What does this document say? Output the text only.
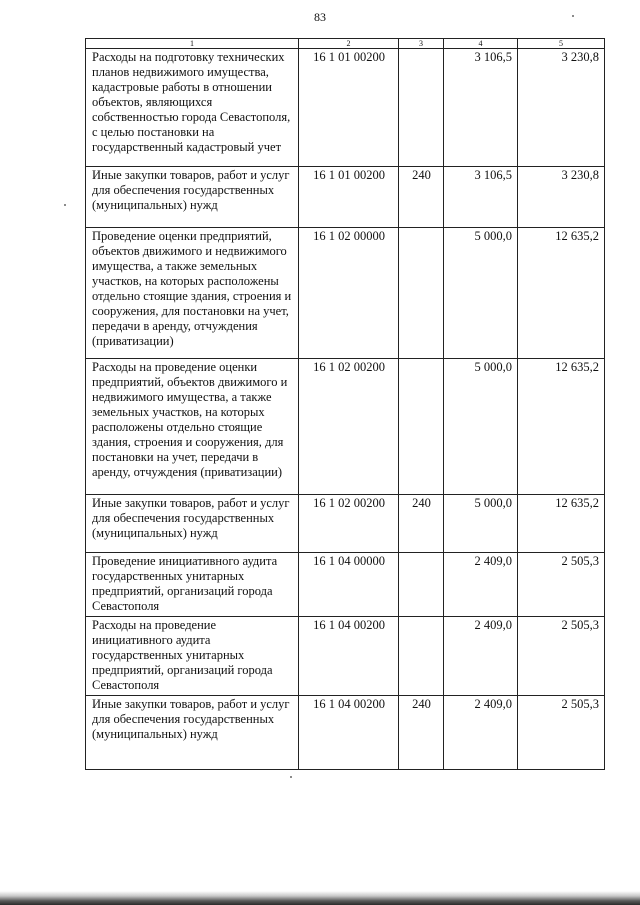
83
1	2	3	4	5
Расходы на подготовку технических планов недвижимого имущества, кадастровые работы в отношении объектов, являющихся собственностью города Севастополя, с целью постановки на государственный кадастровый учет	16 1 01 00200		3 106,5	3 230,8
Иные закупки товаров, работ и услуг для обеспечения государственных (муниципальных) нужд	16 1 01 00200	240	3 106,5	3 230,8
Проведение оценки предприятий, объектов движимого и недвижимого имущества, а также земельных участков, на которых расположены отдельно стоящие здания, строения и сооружения, для постановки на учет, передачи в аренду, отчуждения (приватизации)	16 1 02 00000		5 000,0	12 635,2
Расходы на проведение оценки предприятий, объектов движимого и недвижимого имущества, а также земельных участков, на которых расположены отдельно стоящие здания, строения и сооружения, для постановки на учет, передачи в аренду, отчуждения (приватизации)	16 1 02 00200		5 000,0	12 635,2
Иные закупки товаров, работ и услуг для обеспечения государственных (муниципальных) нужд	16 1 02 00200	240	5 000,0	12 635,2
Проведение инициативного аудита государственных унитарных предприятий, организаций города Севастополя	16 1 04 00000		2 409,0	2 505,3
Расходы на проведение инициативного аудита государственных унитарных предприятий, организаций города Севастополя	16 1 04 00200		2 409,0	2 505,3
Иные закупки товаров, работ и услуг для обеспечения государственных (муниципальных) нужд	16 1 04 00200	240	2 409,0	2 505,3
